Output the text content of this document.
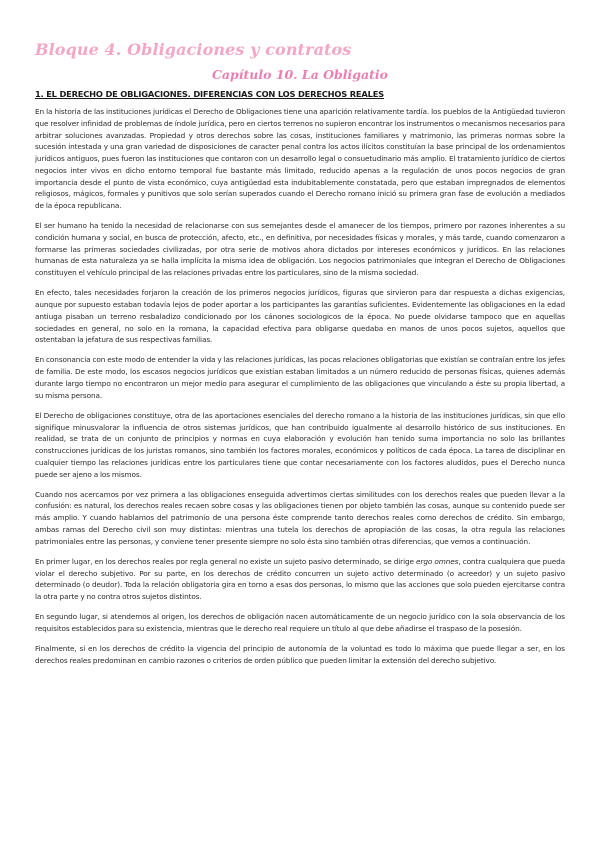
Bloque 4. Obligaciones y contratos
Capítulo 10. La Obligatio
1. EL DERECHO DE OBLIGACIONES. DIFERENCIAS CON LOS DERECHOS REALES

En la historia de las instituciones jurídicas el Derecho de Obligaciones tiene una aparición relativamente tardía. los pueblos de la Antigüedad tuvieron que resolver infinidad de problemas de índole jurídica, pero en ciertos terrenos no supieron encontrar los instrumentos o mecanismos necesarios para arbitrar soluciones avanzadas. Propiedad y otros derechos sobre las cosas, instituciones familiares y matrimonio, las primeras normas sobre la sucesión intestada y una gran variedad de disposiciones de caracter penal contra los actos ilícitos constituían la base principal de los ordenamientos jurídicos antiguos, pues fueron las instituciones que contaron con un desarrollo legal o consuetudinario más amplio. El tratamiento jurídico de ciertos negocios inter vivos en dicho entorno temporal fue bastante más limitado, reducido apenas a la regulación de unos pocos negocios de gran importancia desde el punto de vista económico, cuya antigüedad esta indubitablemente constatada, pero que estaban impregnados de elementos religiosos, mágicos, formales y punitivos que solo serían superados cuando el Derecho romano inició su primera gran fase de evolución a mediados de la época republicana.

El ser humano ha tenido la necesidad de relacionarse con sus semejantes desde el amanecer de los tiempos, primero por razones inherentes a su condición humana y social, en busca de protección, afecto, etc., en definitiva, por necesidades físicas y morales, y más tarde, cuando comenzaron a formarse las primeras sociedades civilizadas, por otra serie de motivos ahora dictados por intereses económicos y jurídicos. En las relaciones humanas de esta naturaleza ya se halla implícita la misma idea de obligación. Los negocios patrimoniales que integran el Derecho de Obligaciones constituyen el vehículo principal de las relaciones privadas entre los particulares, sino de la misma sociedad.

En efecto, tales necesidades forjaron la creación de los primeros negocios jurídicos, figuras que sirvieron para dar respuesta a dichas exigencias, aunque por supuesto estaban todavía lejos de poder aportar a los participantes las garantías suficientes. Evidentemente las obligaciones en la edad antiuga pisaban un terreno resbaladizo condicionado por los cánones sociologicos de la época. No puede olvidarse tampoco que en aquellas sociedades en general, no solo en la romana, la capacidad efectiva para obligarse quedaba en manos de unos pocos sujetos, aquellos que ostentaban la jefatura de sus respectivas familias.

En consonancia con este modo de entender la vida y las relaciones jurídicas, las pocas relaciones obligatorias que existían se contraían entre los jefes de familia. De este modo, los escasos negocios jurídicos que existían estaban limitados a un número reducido de personas físicas, quienes además durante largo tiempo no encontraron un mejor medio para asegurar el cumplimiento de las obligaciones que vinculando a éste su propia libertad, a su misma persona.

El Derecho de obligaciones constituye, otra de las aportaciones esenciales del derecho romano a la historia de las instituciones jurídicas, sin que ello signifique minusvalorar la influencia de otros sistemas jurídicos, que han contribuido igualmente al desarrollo histórico de sus instituciones. En realidad, se trata de un conjunto de principios y normas en cuya elaboración y evolución han tenido suma importancia no solo las brillantes construcciones jurídicas de los juristas romanos, sino también los factores morales, económicos y políticos de cada época. La tarea de disciplinar en cualquier tiempo las relaciones jurídicas entre los particulares tiene que contar necesariamente con los factores aludidos, pues el Derecho nunca puede ser ajeno a los mismos.

Cuando nos acercamos por vez primera a las obligaciones enseguida advertimos ciertas similitudes con los derechos reales que pueden llevar a la confusión: es natural, los derechos reales recaen sobre cosas y las obligaciones tienen por objeto también las cosas, aunque su contenido puede ser más amplio. Y cuando hablamos del patrimonio de una persona éste comprende tanto derechos reales como derechos de crédito. Sin embargo, ambas ramas del Derecho civil son muy distintas: mientras una tutela los derechos de apropiación de las cosas, la otra regula las relaciones patrimoniales entre las personas, y conviene tener presente siempre no solo ésta sino también otras diferencias, que vemos a continuación.

En primer lugar, en los derechos reales por regla general no existe un sujeto pasivo determinado, se dirige ergo omnes, contra cualquiera que pueda violar el derecho subjetivo. Por su parte, en los derechos de crédito concurren un sujeto activo determinado (o acreedor) y un sujeto pasivo determinado (o deudor). Toda la relación obligatoria gira en torno a esas dos personas, lo mismo que las acciones que solo pueden ejercitarse contra la otra parte y no contra otros sujetos distintos.

En segundo lugar, si atendemos al origen, los derechos de obligación nacen automáticamente de un negocio jurídico con la sola observancia de los requisitos establecidos para su existencia, mientras que le derecho real requiere un título al que debe añadirse el traspaso de la posesión.

Finalmente, si en los derechos de crédito la vigencia del principio de autonomía de la voluntad es todo lo máxima que puede llegar a ser, en los derechos reales predominan en cambio razones o criterios de orden público que pueden limitar la extensión del derecho subjetivo.
